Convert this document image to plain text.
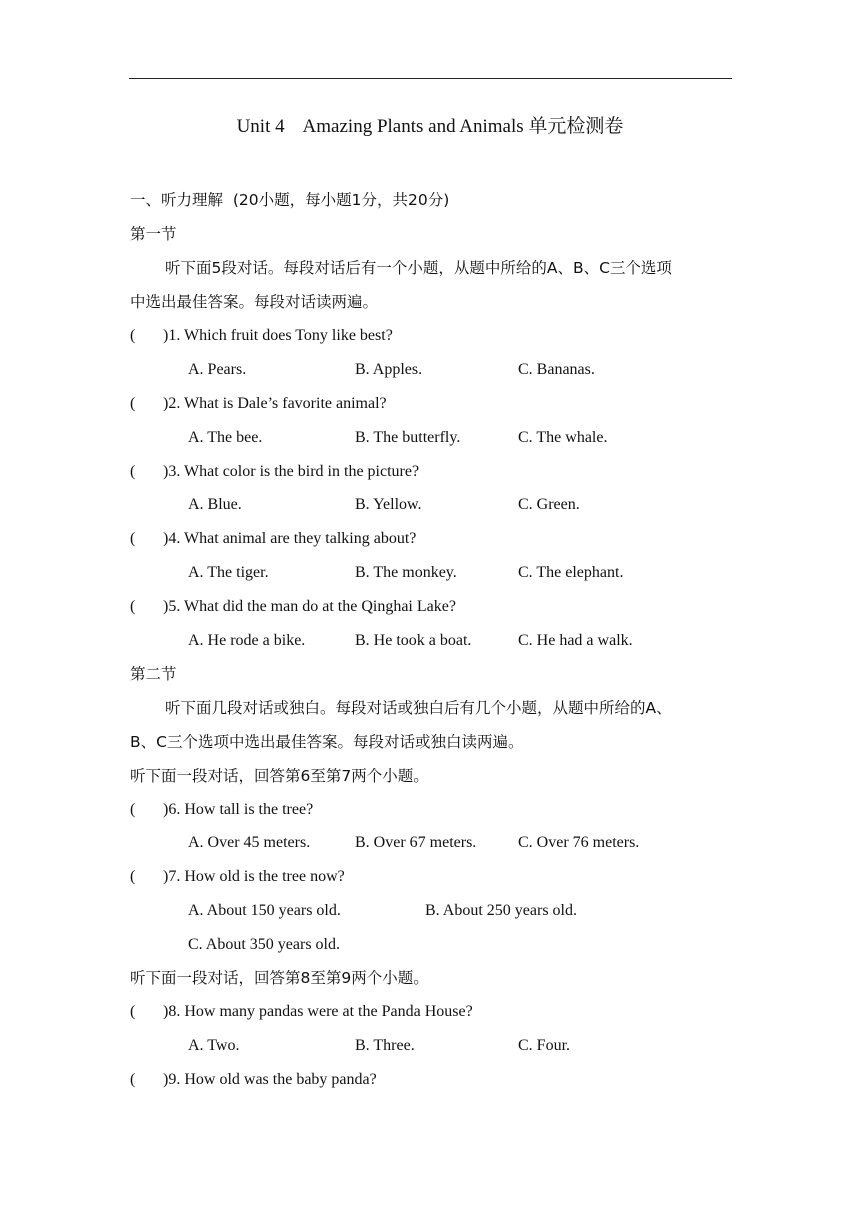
Unit 4    Amazing Plants and Animals 单元检测卷
一、听力理解  (20小题，每小题1分，共20分)
第一节
听下面5段对话。每段对话后有一个小题，从题中所给的A、B、C三个选项
中选出最佳答案。每段对话读两遍。
( )1. Which fruit does Tony like best?
A. Pears.	B. Apples.	C. Bananas.
( )2. What is Dale’s favorite animal?
A. The bee.	B. The butterfly.	C. The whale.
( )3. What color is the bird in the picture?
A. Blue.	B. Yellow.	C. Green.
( )4. What animal are they talking about?
A. The tiger.	B. The monkey.	C. The elephant.
( )5. What did the man do at the Qinghai Lake?
A. He rode a bike.	B. He took a boat.	C. He had a walk.
第二节
听下面几段对话或独白。每段对话或独白后有几个小题，从题中所给的A、
B、C三个选项中选出最佳答案。每段对话或独白读两遍。
听下面一段对话，回答第6至第7两个小题。
( )6. How tall is the tree?
A. Over 45 meters.	B. Over 67 meters.	C. Over 76 meters.
( )7. How old is the tree now?
A. About 150 years old.	B. About 250 years old.
C. About 350 years old.
听下面一段对话，回答第8至第9两个小题。
( )8. How many pandas were at the Panda House?
A. Two.	B. Three.	C. Four.
( )9. How old was the baby panda?
